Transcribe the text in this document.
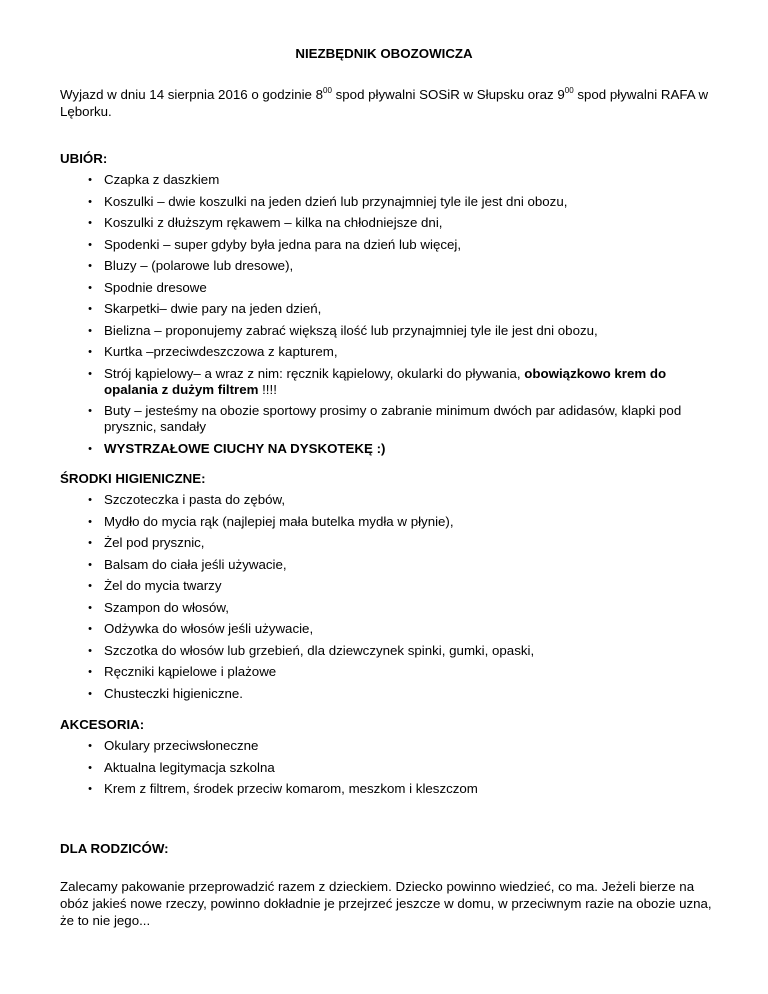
NIEZBĘDNIK OBOZOWICZA
Wyjazd w dniu 14 sierpnia 2016 o godzinie $8^{00}$ spod pływalni SOSiR w Słupsku oraz $9^{00}$ spod pływalni RAFA w Lęborku.

UBIÓR:

• Czapka z daszkiem
• Koszulki – dwie koszulki na jeden dzień lub przynajmniej tyle ile jest dni obozu,
• Koszulki z dłuższym rękawem – kilka na chłodniejsze dni,
• Spodenki – super gdyby była jedna para na dzień lub więcej,
• Bluzy – (polarowe lub dresowe),
• Spodnie dresowe
• Skarpetki– dwie pary na jeden dzień,
• Bielizna – proponujemy zabrać większą ilość lub przynajmniej tyle ile jest dni obozu,
• Kurtka –przeciwdeszczowa z kapturem,
• Strój kąpielowy– a wraz z nim: ręcznik kąpielowy, okularki do pływania, obowiązkowo krem do opalania z dużym filtrem !!!!
• Buty – jesteśmy na obozie sportowy prosimy o zabranie minimum dwóch par adidasów, klapki pod prysznic, sandały
• WYSTRZAŁOWE CIUCHY NA DYSKOTEKĘ :)

ŚRODKI HIGIENICZNE:

• Szczoteczka i pasta do zębów,
• Mydło do mycia rąk (najlepiej mała butelka mydła w płynie),
• Żel pod prysznic,
• Balsam do ciała jeśli używacie,
• Żel do mycia twarzy
• Szampon do włosów,
• Odżywka do włosów jeśli używacie,
• Szczotka do włosów lub grzebień, dla dziewczynek spinki, gumki, opaski,
• Ręczniki kąpielowe i plażowe
• Chusteczki higieniczne.

AKCESORIA:

• Okulary przeciwsłoneczne
• Aktualna legitymacja szkolna
• Krem z filtrem, środek przeciw komarom, meszkom i kleszczom

DLA RODZICÓW:

Zalecamy pakowanie przeprowadzić razem z dzieckiem. Dziecko powinno wiedzieć, co ma. Jeżeli bierze na obóz jakieś nowe rzeczy, powinno dokładnie je przejrzeć jeszcze w domu, w przeciwnym razie na obozie uzna, że to nie jego...
